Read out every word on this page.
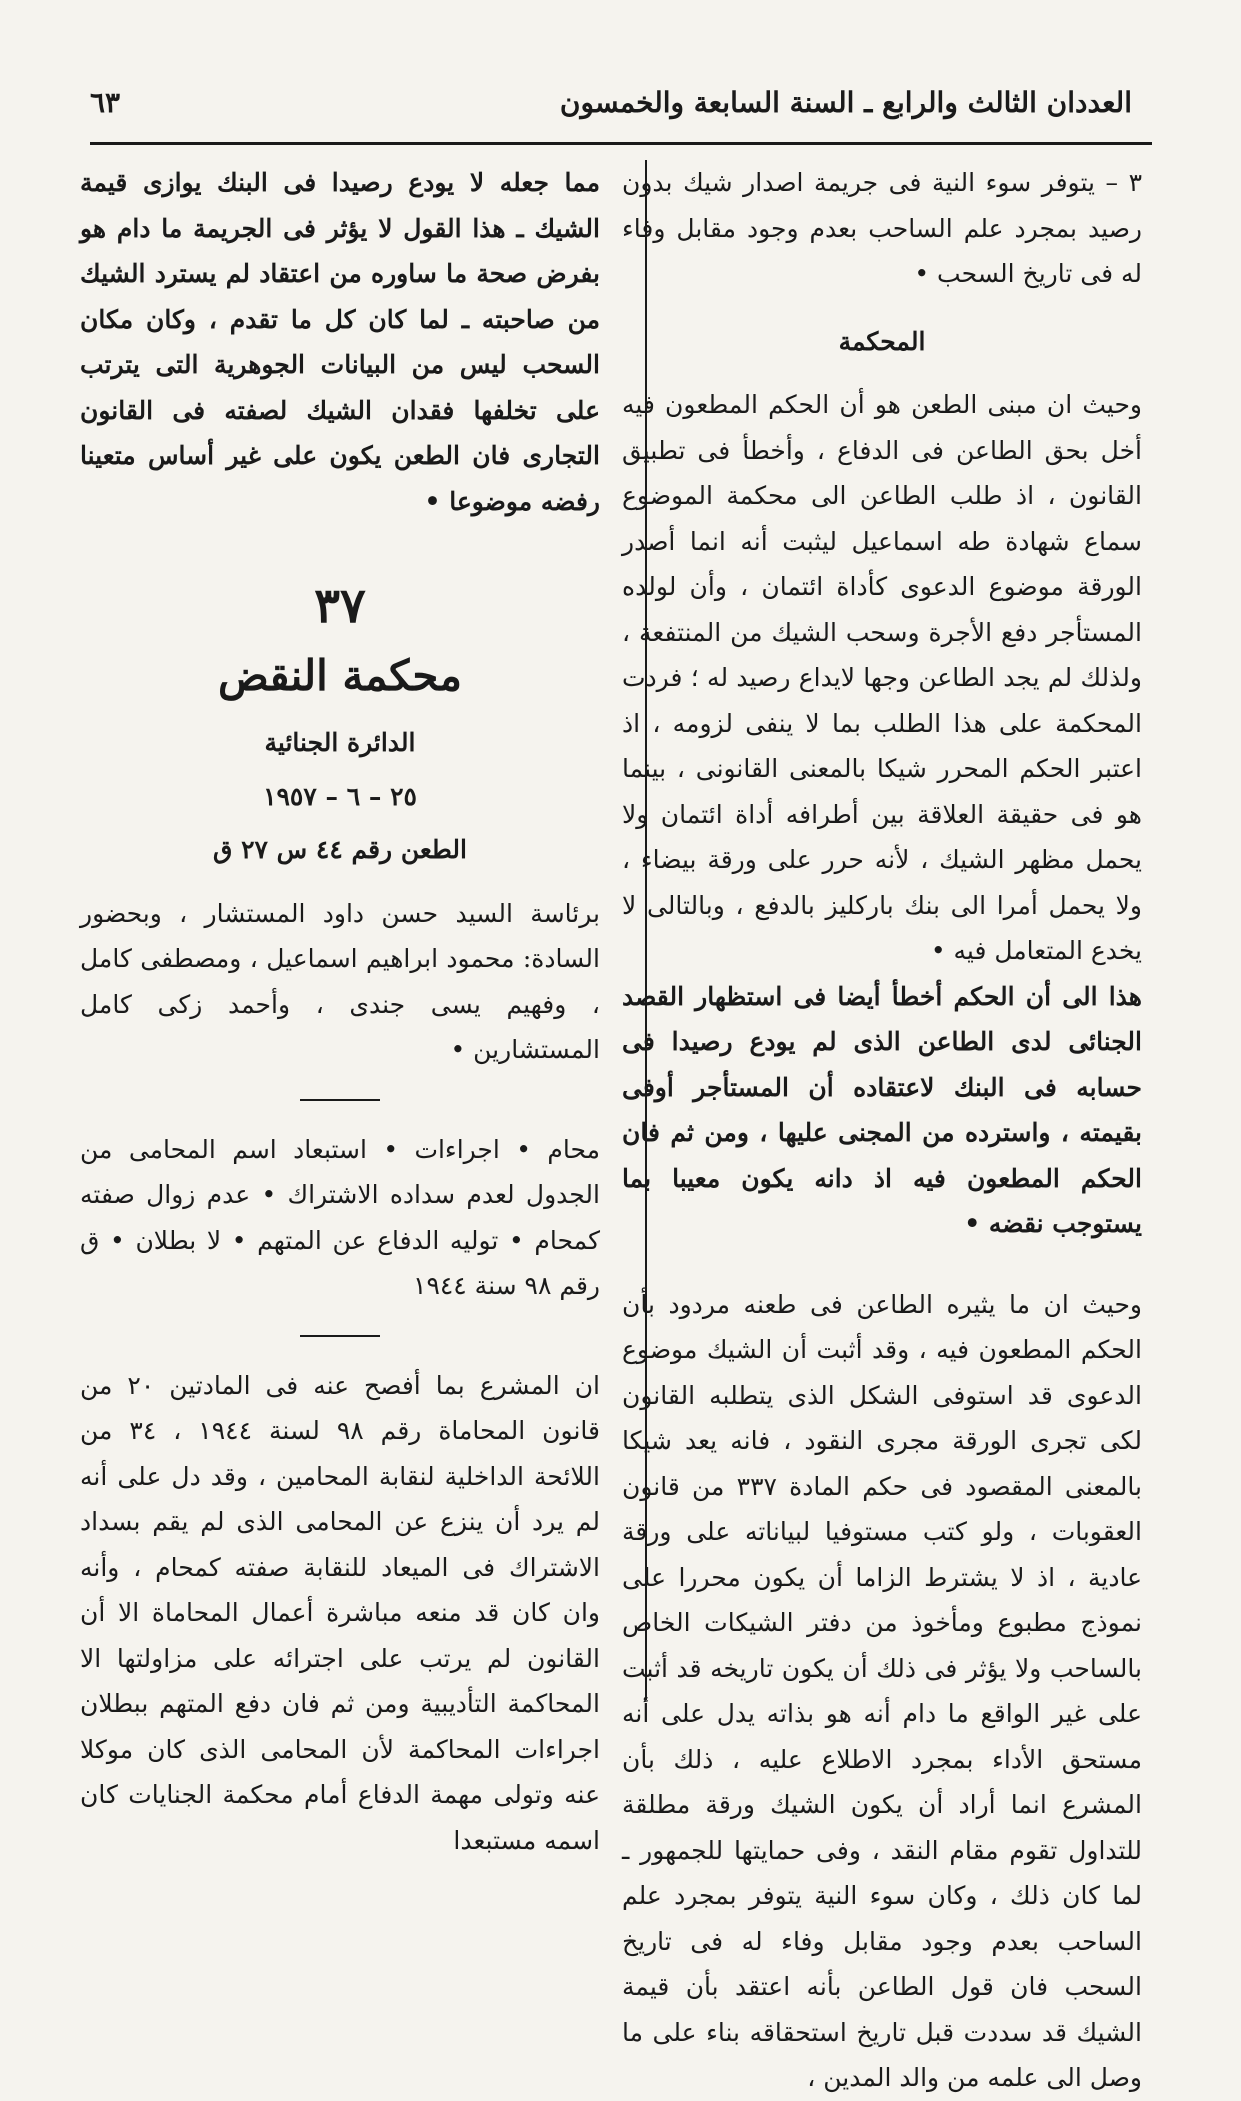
العددان الثالث والرابع ـ السنة السابعة والخمسون
٦٣

٣ – يتوفر سوء النية فى جريمة اصدار شيك بدون رصيد بمجرد علم الساحب بعدم وجود مقابل وفاء له فى تاريخ السحب •

المحكمة

وحيث ان مبنى الطعن هو أن الحكم المطعون فيه أخل بحق الطاعن فى الدفاع ، وأخطأ فى تطبيق القانون ، اذ طلب الطاعن الى محكمة الموضوع سماع شهادة طه اسماعيل ليثبت أنه انما أصدر الورقة موضوع الدعوى كأداة ائتمان ، وأن لولده المستأجر دفع الأجرة وسحب الشيك من المنتفعة ، ولذلك لم يجد الطاعن وجها لايداع رصيد له ؛ فردت المحكمة على هذا الطلب بما لا ينفى لزومه ، اذ اعتبر الحكم المحرر شيكا بالمعنى القانونى ، بينما هو فى حقيقة العلاقة بين أطرافه أداة ائتمان ولا يحمل مظهر الشيك ، لأنه حرر على ورقة بيضاء ، ولا يحمل أمرا الى بنك باركليز بالدفع ، وبالتالى لا يخدع المتعامل فيه •

هذا الى أن الحكم أخطأ أيضا فى استظهار القصد الجنائى لدى الطاعن الذى لم يودع رصيدا فى حسابه فى البنك لاعتقاده أن المستأجر أوفى بقيمته ، واسترده من المجنى عليها ، ومن ثم فان الحكم المطعون فيه اذ دانه يكون معيبا بما يستوجب نقضه •

وحيث ان ما يثيره الطاعن فى طعنه مردود بأن الحكم المطعون فيه ، وقد أثبت أن الشيك موضوع الدعوى قد استوفى الشكل الذى يتطلبه القانون لكى تجرى الورقة مجرى النقود ، فانه يعد شيكا بالمعنى المقصود فى حكم المادة ٣٣٧ من قانون العقوبات ، ولو كتب مستوفيا لبياناته على ورقة عادية ، اذ لا يشترط الزاما أن يكون محررا على نموذج مطبوع ومأخوذ من دفتر الشيكات الخاص بالساحب ولا يؤثر فى ذلك أن يكون تاريخه قد أثبت على غير الواقع ما دام أنه هو بذاته يدل على أنه مستحق الأداء بمجرد الاطلاع عليه ، ذلك بأن المشرع انما أراد أن يكون الشيك ورقة مطلقة للتداول تقوم مقام النقد ، وفى حمايتها للجمهور ـ لما كان ذلك ، وكان سوء النية يتوفر بمجرد علم الساحب بعدم وجود مقابل وفاء له فى تاريخ السحب فان قول الطاعن بأنه اعتقد بأن قيمة الشيك قد سددت قبل تاريخ استحقاقه بناء على ما وصل الى علمه من والد المدين ،

مما جعله لا يودع رصيدا فى البنك يوازى قيمة الشيك ـ هذا القول لا يؤثر فى الجريمة ما دام هو بفرض صحة ما ساوره من اعتقاد لم يسترد الشيك من صاحبته ـ لما كان كل ما تقدم ، وكان مكان السحب ليس من البيانات الجوهرية التى يترتب على تخلفها فقدان الشيك لصفته فى القانون التجارى فان الطعن يكون على غير أساس متعينا رفضه موضوعا •

٣٧

محكمة النقض

الدائرة الجنائية

٢٥ – ٦ – ١٩٥٧

الطعن رقم ٤٤ س ٢٧ ق

برئاسة السيد حسن داود المستشار ، وبحضور السادة: محمود ابراهيم اسماعيل ، ومصطفى كامل ، وفهيم يسى جندى ، وأحمد زكى كامل المستشارين •

محام • اجراءات • استبعاد اسم المحامى من الجدول لعدم سداده الاشتراك • عدم زوال صفته كمحام • توليه الدفاع عن المتهم • لا بطلان • ق رقم ٩٨ سنة ١٩٤٤

ان المشرع بما أفصح عنه فى المادتين ٢٠ من قانون المحاماة رقم ٩٨ لسنة ١٩٤٤ ، ٣٤ من اللائحة الداخلية لنقابة المحامين ، وقد دل على أنه لم يرد أن ينزع عن المحامى الذى لم يقم بسداد الاشتراك فى الميعاد للنقابة صفته كمحام ، وأنه وان كان قد منعه مباشرة أعمال المحاماة الا أن القانون لم يرتب على اجترائه على مزاولتها الا المحاكمة التأديبية ومن ثم فان دفع المتهم ببطلان اجراءات المحاكمة لأن المحامى الذى كان موكلا عنه وتولى مهمة الدفاع أمام محكمة الجنايات كان اسمه مستبعدا
